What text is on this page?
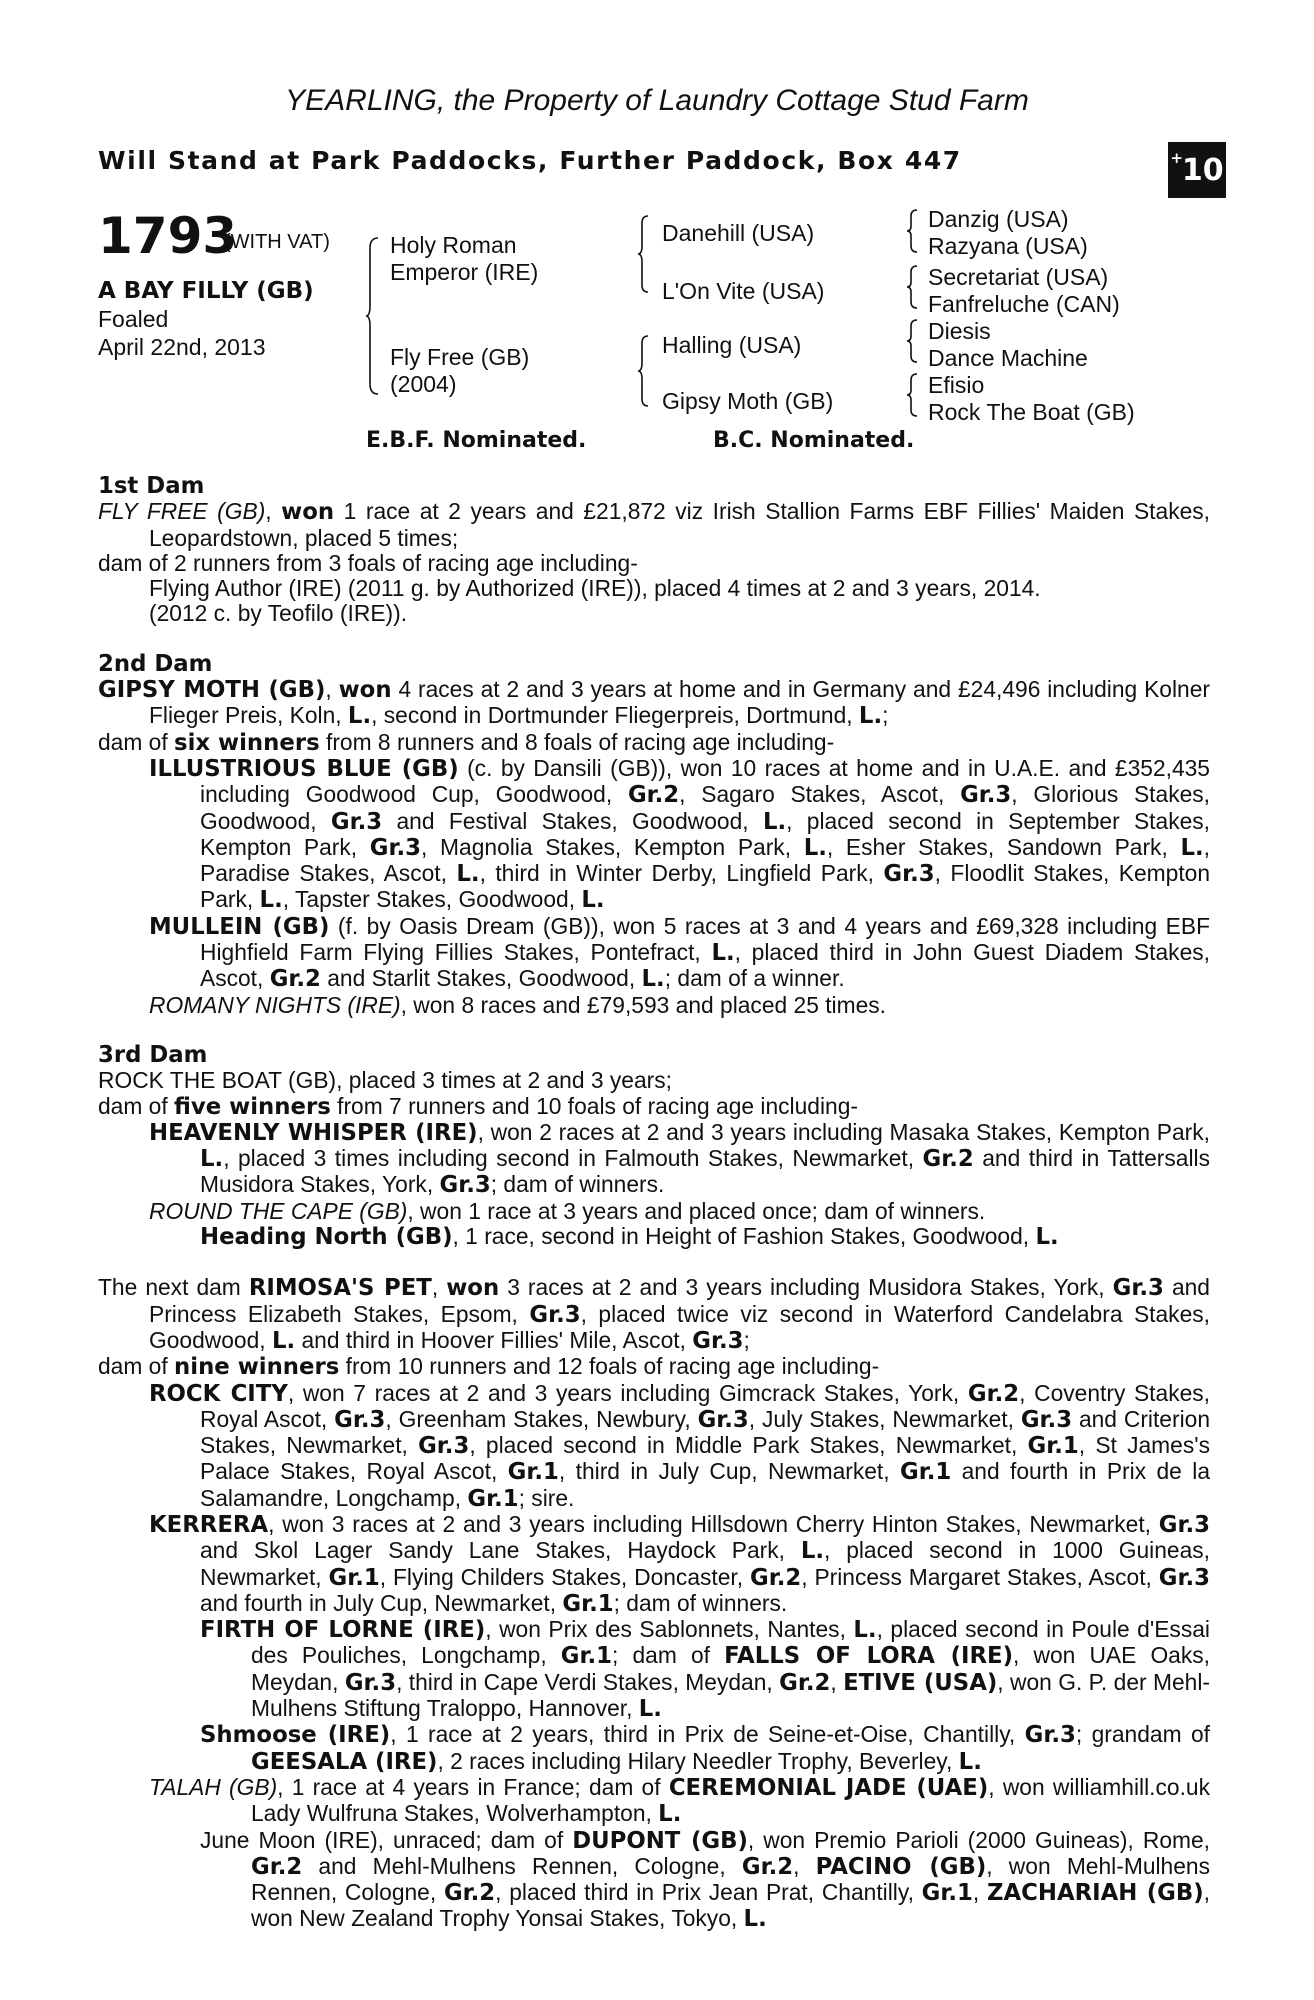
YEARLING, the Property of Laundry Cottage Stud Farm
Will Stand at Park Paddocks, Further Paddock, Box 447	+ 10
1793
(WITH VAT)
A BAY FILLY (GB)
Foaled
April 22nd, 2013
Holy Roman
Emperor (IRE)
Fly Free (GB)
(2004)
Danehill (USA)
L'On Vite (USA)
Halling (USA)
Gipsy Moth (GB)
Danzig (USA)
Razyana (USA)
Secretariat (USA)
Fanfreluche (CAN)
Diesis
Dance Machine
Efisio
Rock The Boat (GB)
E.B.F. Nominated.	B.C. Nominated.

1st Dam

FLY FREE (GB), won 1 race at 2 years and £21,872 viz Irish Stallion Farms EBF Fillies' Maiden Stakes, Leopardstown, placed 5 times;

dam of 2 runners from 3 foals of racing age including-

Flying Author (IRE) (2011 g. by Authorized (IRE)), placed 4 times at 2 and 3 years, 2014.

(2012 c. by Teofilo (IRE)).

2nd Dam

GIPSY MOTH (GB), won 4 races at 2 and 3 years at home and in Germany and £24,496 including Kolner Flieger Preis, Koln, L., second in Dortmunder Fliegerpreis, Dortmund, L.;

dam of six winners from 8 runners and 8 foals of racing age including-

ILLUSTRIOUS BLUE (GB) (c. by Dansili (GB)), won 10 races at home and in U.A.E. and £352,435 including Goodwood Cup, Goodwood, Gr.2, Sagaro Stakes, Ascot, Gr.3, Glorious Stakes, Goodwood, Gr.3 and Festival Stakes, Goodwood, L., placed second in September Stakes, Kempton Park, Gr.3, Magnolia Stakes, Kempton Park, L., Esher Stakes, Sandown Park, L., Paradise Stakes, Ascot, L., third in Winter Derby, Lingfield Park, Gr.3, Floodlit Stakes, Kempton Park, L., Tapster Stakes, Goodwood, L.

MULLEIN (GB) (f. by Oasis Dream (GB)), won 5 races at 3 and 4 years and £69,328 including EBF Highfield Farm Flying Fillies Stakes, Pontefract, L., placed third in John Guest Diadem Stakes, Ascot, Gr.2 and Starlit Stakes, Goodwood, L.; dam of a winner.

ROMANY NIGHTS (IRE), won 8 races and £79,593 and placed 25 times.

3rd Dam

ROCK THE BOAT (GB), placed 3 times at 2 and 3 years;

dam of five winners from 7 runners and 10 foals of racing age including-

HEAVENLY WHISPER (IRE), won 2 races at 2 and 3 years including Masaka Stakes, Kempton Park, L., placed 3 times including second in Falmouth Stakes, Newmarket, Gr.2 and third in Tattersalls Musidora Stakes, York, Gr.3; dam of winners.

ROUND THE CAPE (GB), won 1 race at 3 years and placed once; dam of winners.

Heading North (GB), 1 race, second in Height of Fashion Stakes, Goodwood, L.

The next dam RIMOSA'S PET, won 3 races at 2 and 3 years including Musidora Stakes, York, Gr.3 and Princess Elizabeth Stakes, Epsom, Gr.3, placed twice viz second in Waterford Candelabra Stakes, Goodwood, L. and third in Hoover Fillies' Mile, Ascot, Gr.3;

dam of nine winners from 10 runners and 12 foals of racing age including-

ROCK CITY, won 7 races at 2 and 3 years including Gimcrack Stakes, York, Gr.2, Coventry Stakes, Royal Ascot, Gr.3, Greenham Stakes, Newbury, Gr.3, July Stakes, Newmarket, Gr.3 and Criterion Stakes, Newmarket, Gr.3, placed second in Middle Park Stakes, Newmarket, Gr.1, St James's Palace Stakes, Royal Ascot, Gr.1, third in July Cup, Newmarket, Gr.1 and fourth in Prix de la Salamandre, Longchamp, Gr.1; sire.

KERRERA, won 3 races at 2 and 3 years including Hillsdown Cherry Hinton Stakes, Newmarket, Gr.3 and Skol Lager Sandy Lane Stakes, Haydock Park, L., placed second in 1000 Guineas, Newmarket, Gr.1, Flying Childers Stakes, Doncaster, Gr.2, Princess Margaret Stakes, Ascot, Gr.3 and fourth in July Cup, Newmarket, Gr.1; dam of winners.

FIRTH OF LORNE (IRE), won Prix des Sablonnets, Nantes, L., placed second in Poule d'Essai des Pouliches, Longchamp, Gr.1; dam of FALLS OF LORA (IRE), won UAE Oaks, Meydan, Gr.3, third in Cape Verdi Stakes, Meydan, Gr.2, ETIVE (USA), won G. P. der Mehl-Mulhens Stiftung Traloppo, Hannover, L.

Shmoose (IRE), 1 race at 2 years, third in Prix de Seine-et-Oise, Chantilly, Gr.3; grandam of GEESALA (IRE), 2 races including Hilary Needler Trophy, Beverley, L.

TALAH (GB), 1 race at 4 years in France; dam of CEREMONIAL JADE (UAE), won williamhill.co.uk Lady Wulfruna Stakes, Wolverhampton, L.

June Moon (IRE), unraced; dam of DUPONT (GB), won Premio Parioli (2000 Guineas), Rome, Gr.2 and Mehl-Mulhens Rennen, Cologne, Gr.2, PACINO (GB), won Mehl-Mulhens Rennen, Cologne, Gr.2, placed third in Prix Jean Prat, Chantilly, Gr.1, ZACHARIAH (GB), won New Zealand Trophy Yonsai Stakes, Tokyo, L.
